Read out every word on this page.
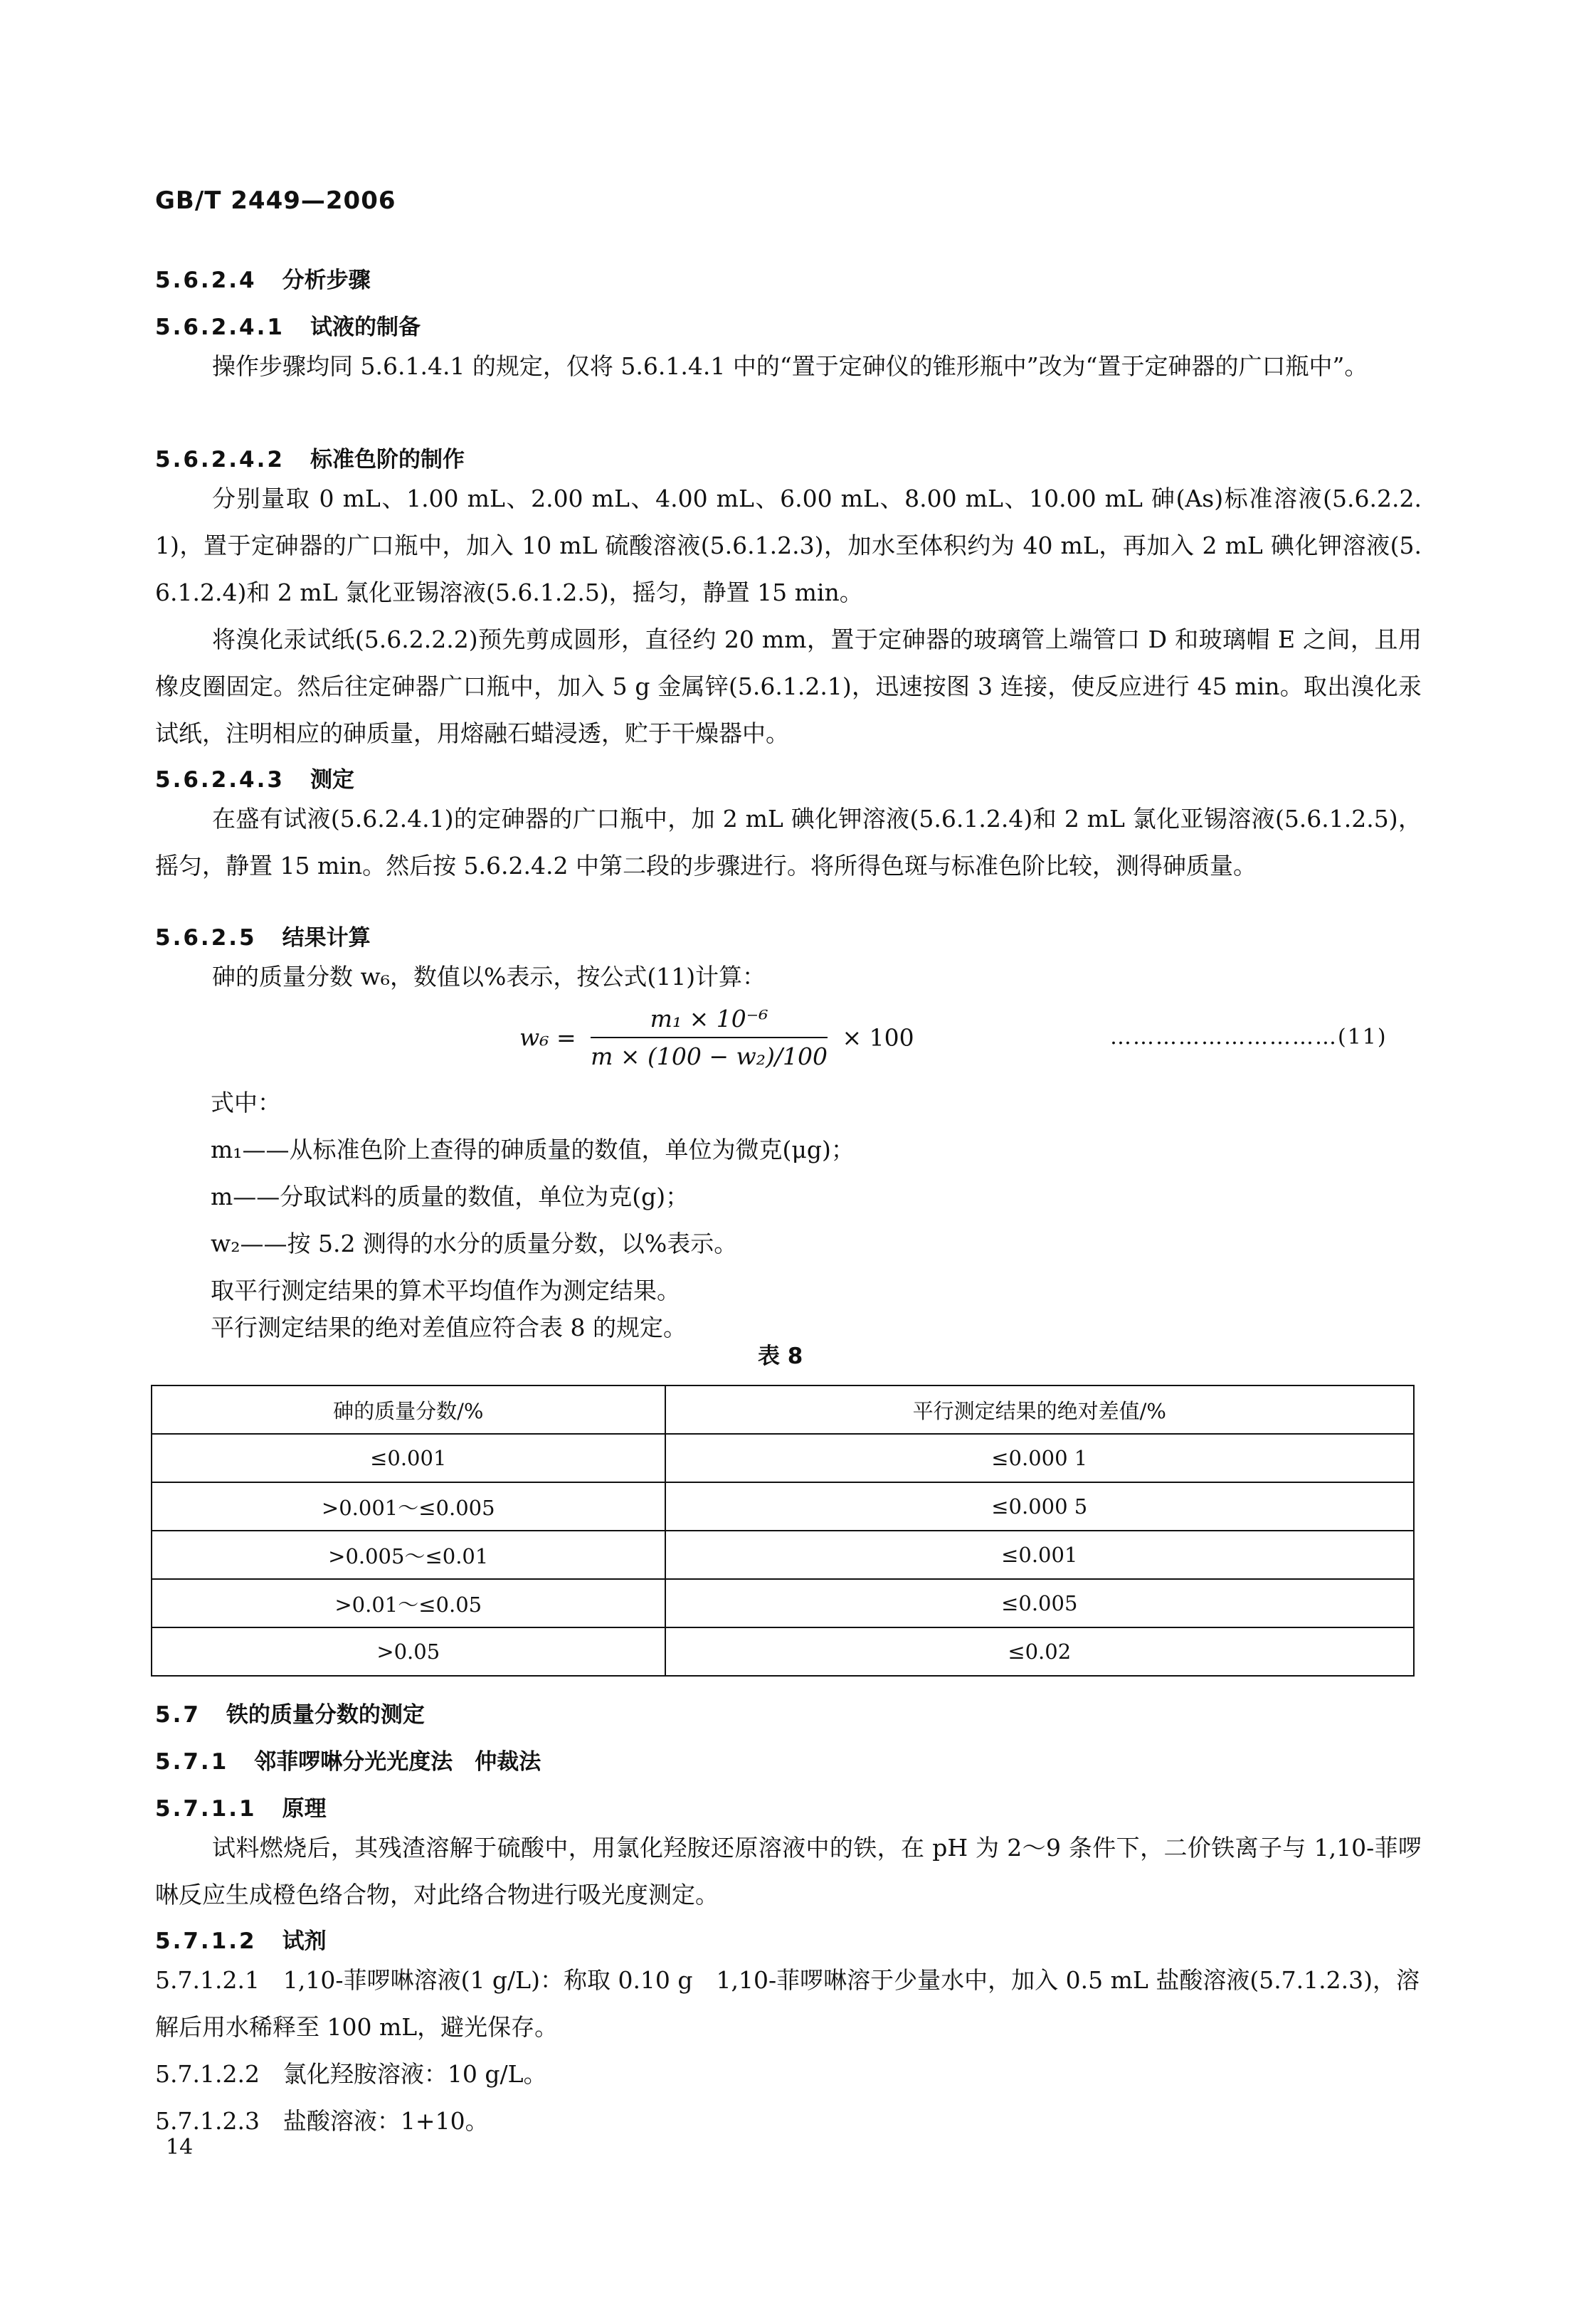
GB/T 2449—2006
5.6.2.4 分析步骤
5.6.2.4.1 试液的制备
操作步骤均同 5.6.1.4.1 的规定，仅将 5.6.1.4.1 中的“置于定砷仪的锥形瓶中”改为“置于定砷器的广口瓶中”。
5.6.2.4.2 标准色阶的制作
分别量取 0 mL、1.00 mL、2.00 mL、4.00 mL、6.00 mL、8.00 mL、10.00 mL 砷(As)标准溶液(5.6.2.2.1)，置于定砷器的广口瓶中，加入 10 mL 硫酸溶液(5.6.1.2.3)，加水至体积约为 40 mL，再加入 2 mL 碘化钾溶液(5.6.1.2.4)和 2 mL 氯化亚锡溶液(5.6.1.2.5)，摇匀，静置 15 min。
将溴化汞试纸(5.6.2.2.2)预先剪成圆形，直径约 20 mm，置于定砷器的玻璃管上端管口 D 和玻璃帽 E 之间，且用橡皮圈固定。然后往定砷器广口瓶中，加入 5 g 金属锌(5.6.1.2.1)，迅速按图 3 连接，使反应进行 45 min。取出溴化汞试纸，注明相应的砷质量，用熔融石蜡浸透，贮于干燥器中。
5.6.2.4.3 测定
在盛有试液(5.6.2.4.1)的定砷器的广口瓶中，加 2 mL 碘化钾溶液(5.6.1.2.4)和 2 mL 氯化亚锡溶液(5.6.1.2.5)，摇匀，静置 15 min。然后按 5.6.2.4.2 中第二段的步骤进行。将所得色斑与标准色阶比较，测得砷质量。
5.6.2.5 结果计算
砷的质量分数 w₆，数值以%表示，按公式(11)计算：
$w_6 = \frac{\text{m₁ × 10⁻⁶}}{\text{m × (100 − w₂)/100}} \times 100$	…………………………(11)
式中：
m₁——从标准色阶上查得的砷质量的数值，单位为微克(μg)；
m——分取试料的质量的数值，单位为克(g)；
w₂——按 5.2 测得的水分的质量分数，以%表示。
取平行测定结果的算术平均值作为测定结果。
平行测定结果的绝对差值应符合表 8 的规定。
表 8
砷的质量分数/%	平行测定结果的绝对差值/%
≤0.001	≤0.000 1
>0.001～≤0.005	≤0.000 5
>0.005～≤0.01	≤0.001
>0.01～≤0.05	≤0.005
>0.05	≤0.02
5.7 铁的质量分数的测定
5.7.1 邻菲啰啉分光光度法　仲裁法
5.7.1.1 原理
试料燃烧后，其残渣溶解于硫酸中，用氯化羟胺还原溶液中的铁，在 pH 为 2～9 条件下，二价铁离子与 1,10-菲啰啉反应生成橙色络合物，对此络合物进行吸光度测定。
5.7.1.2 试剂
5.7.1.2.1　1,10-菲啰啉溶液(1 g/L)：称取 0.10 g　1,10-菲啰啉溶于少量水中，加入 0.5 mL 盐酸溶液(5.7.1.2.3)，溶解后用水稀释至 100 mL，避光保存。
5.7.1.2.2　氯化羟胺溶液：10 g/L。
5.7.1.2.3　盐酸溶液：1+10。
14
